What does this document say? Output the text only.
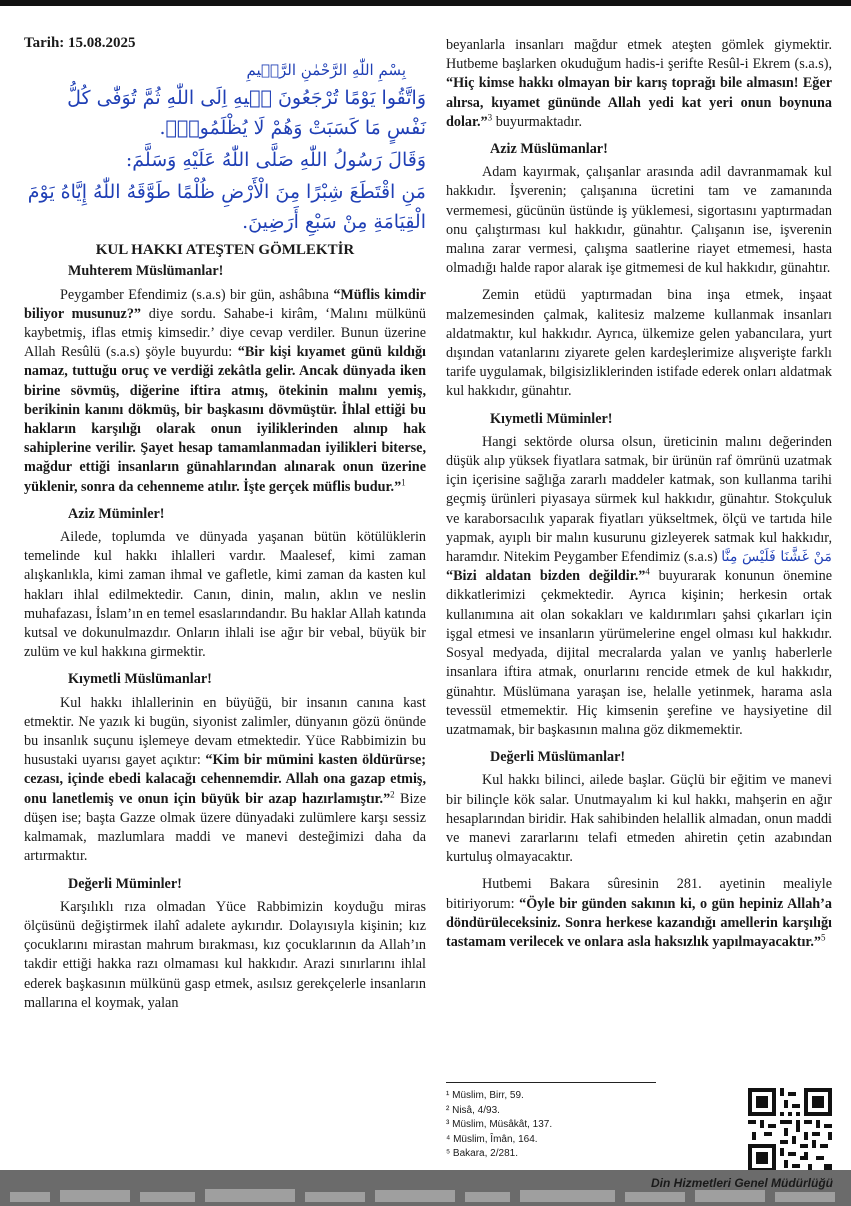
Tarih: 15.08.2025
بِسْمِ اللّٰهِ الرَّحْمٰنِ الرَّح۪يمِ
وَاتَّقُوا يَوْمًا تُرْجَعُونَ ف۪يهِ اِلَى اللّٰهِ ثُمَّ تُوَفّٰى كُلُّ نَفْسٍ مَا كَسَبَتْ وَهُمْ لَا يُظْلَمُونَ۟.
وَقَالَ رَسُولُ اللّٰهِ صَلَّى اللّٰهُ عَلَيْهِ وَسَلَّمَ:
مَنِ اقْتَطَعَ شِبْرًا مِنَ الْأَرْضِ ظُلْمًا طَوَّقَهُ اللّٰهُ إِيَّاهُ يَوْمَ الْقِيَامَةِ مِنْ سَبْعِ أَرَضِينَ.
KUL HAKKI ATEŞTEN GÖMLEKTİR
Muhterem Müslümanlar!

Peygamber Efendimiz (s.a.s) bir gün, ashâbına “Müflis kimdir biliyor musunuz?” diye sordu. Sahabe-i kirâm, ‘Malını mülkünü kaybetmiş, iflas etmiş kimsedir.’ diye cevap verdiler. Bunun üzerine Allah Resûlü (s.a.s) şöyle buyurdu: “Bir kişi kıyamet günü kıldığı namaz, tuttuğu oruç ve verdiği zekâtla gelir. Ancak dünyada iken birine sövmüş, diğerine iftira atmış, ötekinin malını yemiş, berikinin kanını dökmüş, bir başkasını dövmüştür. İhlal ettiği bu hakların karşılığı olarak onun iyiliklerinden alınıp hak sahiplerine verilir. Şayet hesap tamamlanmadan iyilikleri biterse, mağdur ettiği insanların günahlarından alınarak onun üzerine yüklenir, sonra da cehenneme atılır. İşte gerçek müflis budur.”$^1$

Aziz Müminler!

Ailede, toplumda ve dünyada yaşanan bütün kötülüklerin temelinde kul hakkı ihlalleri vardır. Maalesef, kimi zaman alışkanlıkla, kimi zaman ihmal ve gafletle, kimi zaman da kasten kul hakları ihlal edilmektedir. Canın, dinin, malın, aklın ve neslin muhafazası, İslam’ın en temel esaslarındandır. Bu haklar Allah katında kutsal ve dokunulmazdır. Onların ihlali ise ağır bir vebal, büyük bir zulüm ve kul hakkına girmektir.

Kıymetli Müslümanlar!

Kul hakkı ihlallerinin en büyüğü, bir insanın canına kast etmektir. Ne yazık ki bugün, siyonist zalimler, dünyanın gözü önünde bu insanlık suçunu işlemeye devam etmektedir. Yüce Rabbimizin bu husustaki uyarısı gayet açıktır: “Kim bir mümini kasten öldürürse; cezası, içinde ebedi kalacağı cehennemdir. Allah ona gazap etmiş, onu lanetlemiş ve onun için büyük bir azap hazırlamıştır.”$^2$ Bize düşen ise; başta Gazze olmak üzere dünyadaki zulümlere karşı sessiz kalmamak, mazlumlara maddi ve manevi desteğimizi daha da artırmaktır.

Değerli Müminler!

Karşılıklı rıza olmadan Yüce Rabbimizin koyduğu miras ölçüsünü değiştirmek ilahî adalete aykırıdır. Dolayısıyla kişinin; kız çocuklarını mirastan mahrum bırakması, kız çocuklarının da Allah’ın takdir ettiği hakka razı olmaması kul hakkıdır. Arazi sınırlarını ihlal ederek başkasının mülkünü gasp etmek, asılsız gerekçelerle insanların mallarına el koymak, yalan

beyanlarla insanları mağdur etmek ateşten gömlek giymektir. Hutbeme başlarken okuduğum hadis-i şerifte Resûl-i Ekrem (s.a.s), “Hiç kimse hakkı olmayan bir karış toprağı bile almasın! Eğer alırsa, kıyamet gününde Allah yedi kat yeri onun boynuna dolar.”$^3$ buyurmaktadır.

Aziz Müslümanlar!

Adam kayırmak, çalışanlar arasında adil davranmamak kul hakkıdır. İşverenin; çalışanına ücretini tam ve zamanında vermemesi, gücünün üstünde iş yüklemesi, sigortasını yaptırmadan onu çalıştırması kul hakkıdır, günahtır. Çalışanın ise, işverenin malına zarar vermesi, çalışma saatlerine riayet etmemesi, hasta olmadığı halde rapor alarak işe gitmemesi de kul hakkıdır, günahtır.

Zemin etüdü yaptırmadan bina inşa etmek, inşaat malzemesinden çalmak, kalitesiz malzeme kullanmak insanları aldatmaktır, kul hakkıdır. Ayrıca, ülkemize gelen yabancılara, yurt dışından vatanlarını ziyarete gelen kardeşlerimize alışverişte farklı tarife uygulamak, bilgisizliklerinden istifade ederek onları aldatmak kul hakkıdır, günahtır.

Kıymetli Müminler!

Hangi sektörde olursa olsun, üreticinin malını değerinden düşük alıp yüksek fiyatlara satmak, bir ürünün raf ömrünü uzatmak için içerisine sağlığa zararlı maddeler katmak, son kullanma tarihi geçmiş ürünleri piyasaya sürmek kul hakkıdır, günahtır. Stokçuluk ve karaborsacılık yaparak fiyatları yükseltmek, ölçü ve tartıda hile yapmak, ayıplı bir malın kusurunu gizleyerek satmak kul hakkıdır, haramdır. Nitekim Peygamber Efendimiz (s.a.s) مَنْ غَشَّنَا فَلَيْسَ مِنَّا “Bizi aldatan bizden değildir.”$^4$ buyurarak konunun önemine dikkatlerimizi çekmektedir. Ayrıca kişinin; herkesin ortak kullanımına ait olan sokakları ve kaldırımları şahsi çıkarları için işgal etmesi ve insanların yürümelerine engel olması kul hakkıdır. Sosyal medyada, dijital mecralarda yalan ve yanlış haberlerle insanlara iftira atmak, onurlarını rencide etmek de kul hakkıdır, günahtır. Müslümana yaraşan ise, helalle yetinmek, harama asla tevessül etmemektir. Hiç kimsenin şerefine ve haysiyetine dil uzatmamak, bir başkasının malına göz dikmemektir.

Değerli Müslümanlar!

Kul hakkı bilinci, ailede başlar. Güçlü bir eğitim ve manevi bir bilinçle kök salar. Unutmayalım ki kul hakkı, mahşerin en ağır hesaplarından biridir. Hak sahibinden helallik almadan, onun maddi ve manevi zararlarını telafi etmeden ahiretin çetin azabından kurtuluş olmayacaktır.

Hutbemi Bakara sûresinin 281. ayetinin mealiyle bitiriyorum: “Öyle bir günden sakının ki, o gün hepiniz Allah’a döndürüleceksiniz. Sonra herkese kazandığı amellerin karşılığı tastamam verilecek ve onlara asla haksızlık yapılmayacaktır.”$^5$

¹ Müslim, Birr, 59.
² Nisâ, 4/93.
³ Müslim, Müsâkât, 137.
⁴ Müslim, Îmân, 164.
⁵ Bakara, 2/281.
Din Hizmetleri Genel Müdürlüğü
